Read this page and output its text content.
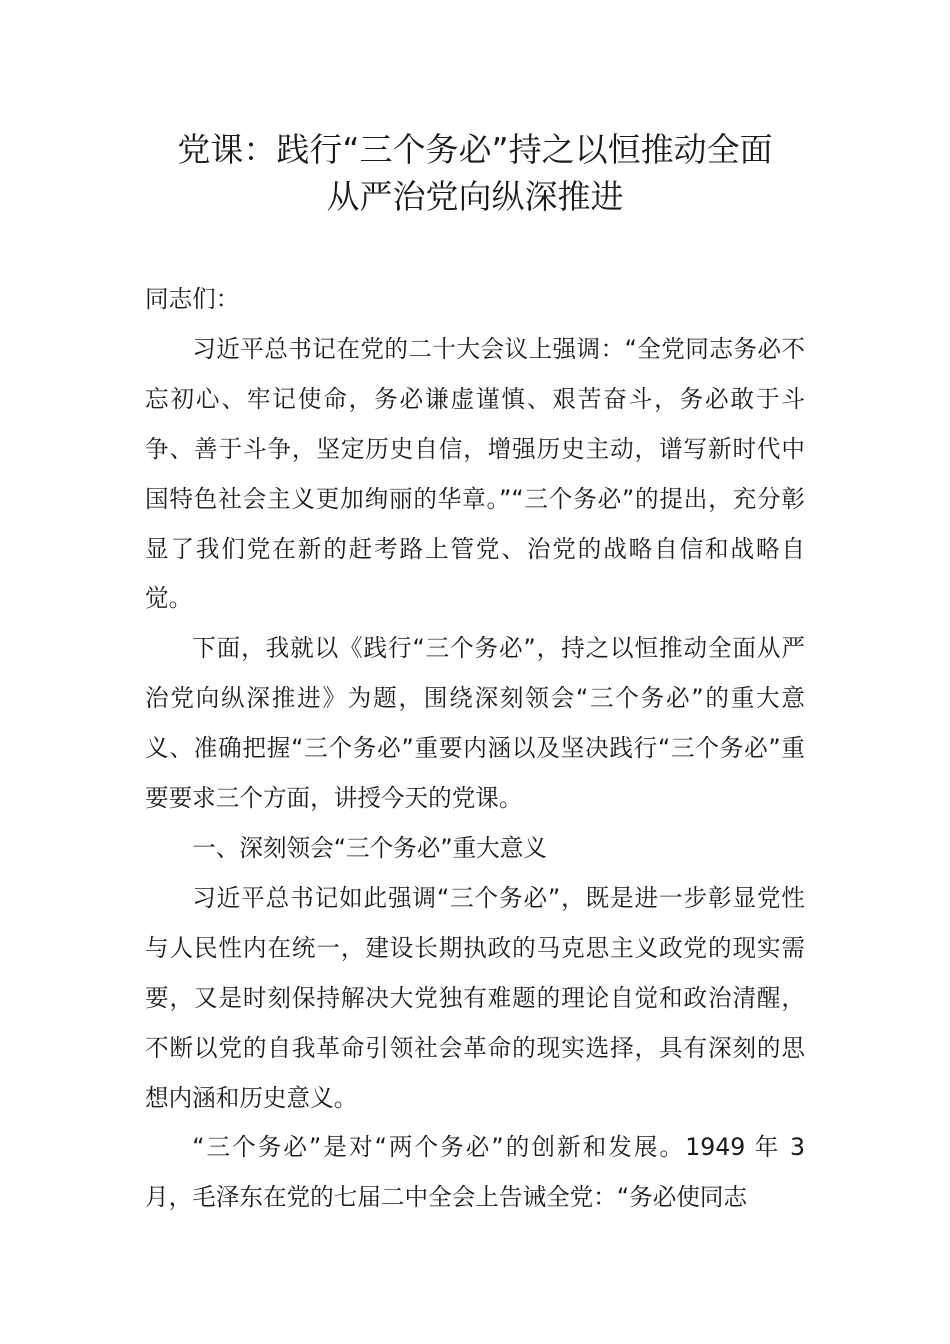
党课：践行“三个务必”持之以恒推动全面
从严治党向纵深推进

同志们：

习近平总书记在党的二十大会议上强调：“全党同志务必不忘初心、牢记使命，务必谦虚谨慎、艰苦奋斗，务必敢于斗争、善于斗争，坚定历史自信，增强历史主动，谱写新时代中国特色社会主义更加绚丽的华章。”“三个务必”的提出，充分彰显了我们党在新的赶考路上管党、治党的战略自信和战略自觉。

下面，我就以《践行“三个务必”，持之以恒推动全面从严治党向纵深推进》为题，围绕深刻领会“三个务必”的重大意义、准确把握“三个务必”重要内涵以及坚决践行“三个务必”重要要求三个方面，讲授今天的党课。

一、深刻领会“三个务必”重大意义

习近平总书记如此强调“三个务必”，既是进一步彰显党性与人民性内在统一，建设长期执政的马克思主义政党的现实需要，又是时刻保持解决大党独有难题的理论自觉和政治清醒，不断以党的自我革命引领社会革命的现实选择，具有深刻的思想内涵和历史意义。

“三个务必”是对“两个务必”的创新和发展。1949 年 3 月，毛泽东在党的七届二中全会上告诫全党：“务必使同志
